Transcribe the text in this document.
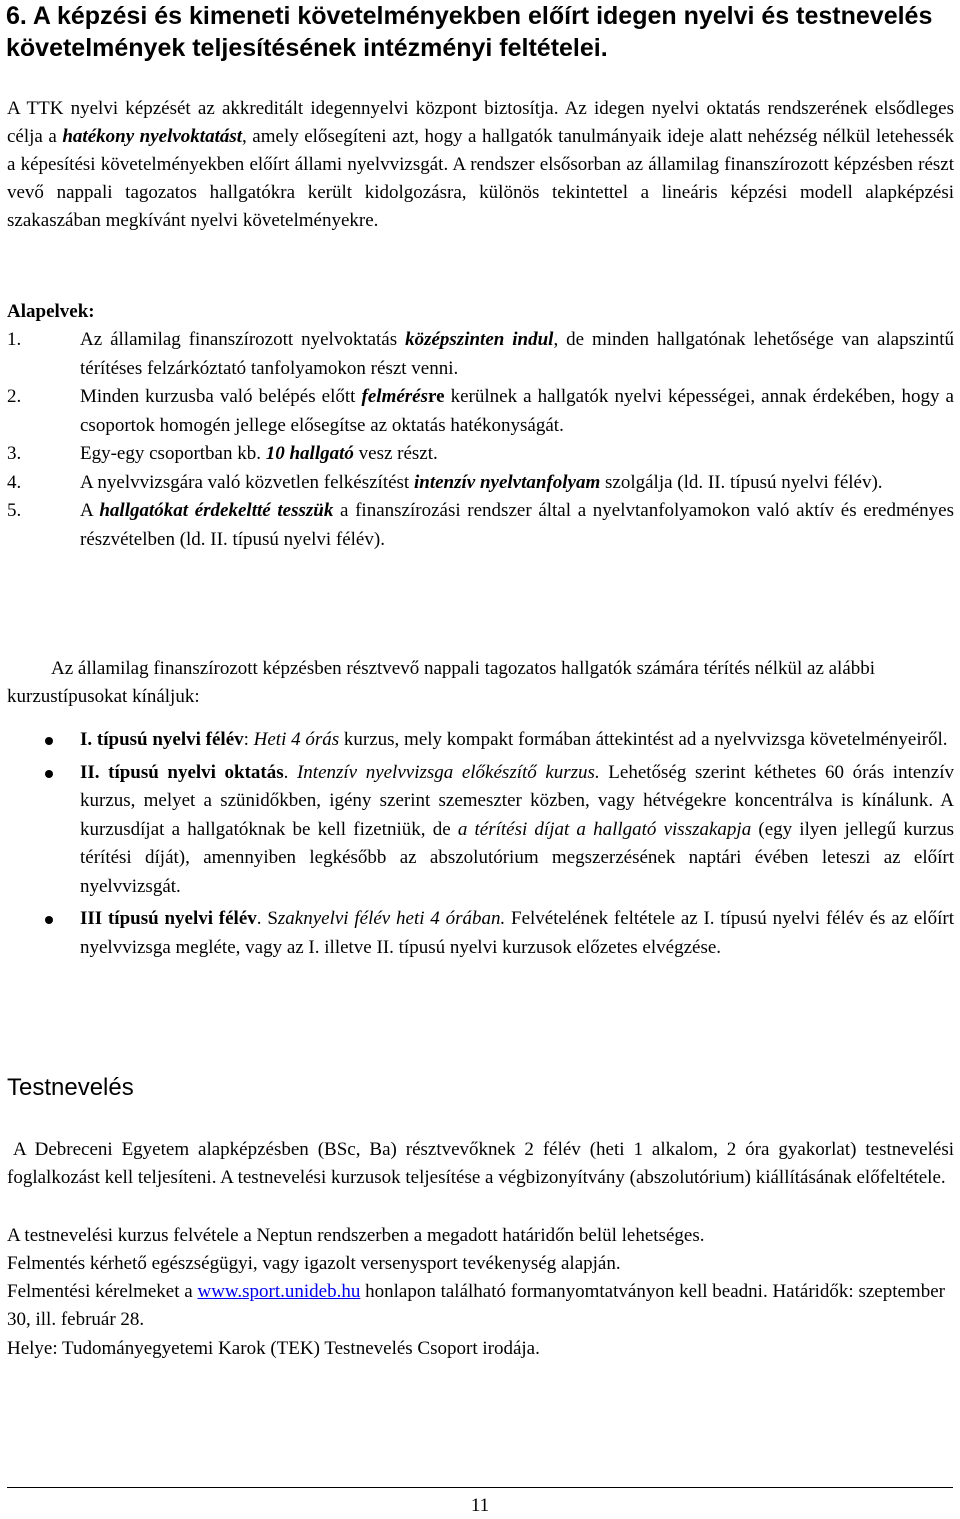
6. A képzési és kimeneti követelményekben előírt idegen nyelvi és testnevelés követelmények teljesítésének intézményi feltételei.

A TTK nyelvi képzését az akkreditált idegennyelvi központ biztosítja. Az idegen nyelvi oktatás rendszerének elsődleges célja a hatékony nyelvoktatást, amely elősegíteni azt, hogy a hallgatók tanulmányaik ideje alatt nehézség nélkül letehessék a képesítési követelményekben előírt állami nyelvvizsgát. A rendszer elsősorban az államilag finanszírozott képzésben részt vevő nappali tagozatos hallgatókra került kidolgozásra, különös tekintettel a lineáris képzési modell alapképzési szakaszában megkívánt nyelvi követelményekre.

Alapelvek:

1.	Az államilag finanszírozott nyelvoktatás középszinten indul, de minden hallgatónak lehetősége van alapszintű térítéses felzárkóztató tanfolyamokon részt venni.
2.	Minden kurzusba való belépés előtt felmérésre kerülnek a hallgatók nyelvi képességei, annak érdekében, hogy a csoportok homogén jellege elősegítse az oktatás hatékonyságát.
3.	Egy-egy csoportban kb. 10 hallgató vesz részt.
4.	A nyelvvizsgára való közvetlen felkészítést intenzív nyelvtanfolyam szolgálja (ld. II. típusú nyelvi félév).
5.	A hallgatókat érdekeltté tesszük a finanszírozási rendszer által a nyelvtanfolyamokon való aktív és eredményes részvételben (ld. II. típusú nyelvi félév).

Az államilag finanszírozott képzésben résztvevő nappali tagozatos hallgatók számára térítés nélkül az alábbi kurzustípusokat kínáljuk:

I. típusú nyelvi félév: Heti 4 órás kurzus, mely kompakt formában áttekintést ad a nyelvvizsga követelményeiről.
II. típusú nyelvi oktatás. Intenzív nyelvvizsga előkészítő kurzus. Lehetőség szerint kéthetes 60 órás intenzív kurzus, melyet a szünidőkben, igény szerint szemeszter közben, vagy hétvégekre koncentrálva is kínálunk. A kurzusdíjat a hallgatóknak be kell fizetniük, de a térítési díjat a hallgató visszakapja (egy ilyen jellegű kurzus térítési díját), amennyiben legkésőbb az abszolutórium megszerzésének naptári évében leteszi az előírt nyelvvizsgát.
III típusú nyelvi félév. Szaknyelvi félév heti 4 órában. Felvételének feltétele az I. típusú nyelvi félév és az előírt nyelvvizsga megléte, vagy az I. illetve II. típusú nyelvi kurzusok előzetes elvégzése.
Testnevelés

A Debreceni Egyetem alapképzésben (BSc, Ba) résztvevőknek 2 félév (heti 1 alkalom, 2 óra gyakorlat) testnevelési foglalkozást kell teljesíteni. A testnevelési kurzusok teljesítése a végbizonyítvány (abszolutórium) kiállításának előfeltétele.

A testnevelési kurzus felvétele a Neptun rendszerben a megadott határidőn belül lehetséges.

Felmentés kérhető egészségügyi, vagy igazolt versenysport tevékenység alapján.

Felmentési kérelmeket a www.sport.unideb.hu honlapon található formanyomtatványon kell beadni. Határidők: szeptember 30, ill. február 28.

Helye: Tudományegyetemi Karok (TEK) Testnevelés Csoport irodája.

11
